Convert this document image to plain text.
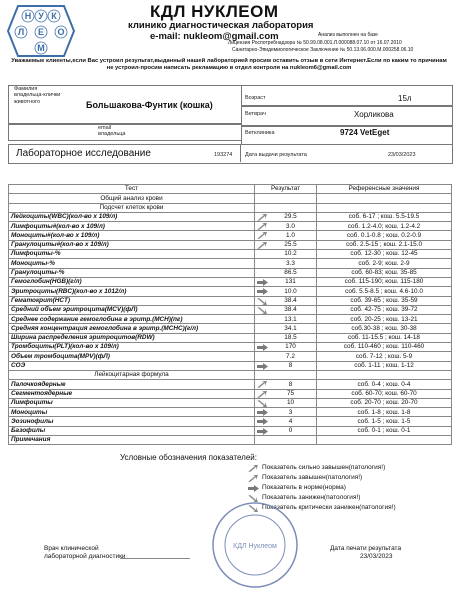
Н У К
Л Е О
М
КДЛ НУКЛЕОМ
клинико диагностическая лаборатория
e-mail: nukleom@gmail.com	Анализ выполнен на базе
Лицензия Роспотребнадзора № 50.99.08.001.Л.000088.07.10 от 16.07.2010
Санитарно-Эпидемиологическое Заключение № 50.13.06.000.М.000258.06.10
Уважаемые клиенты,если Вас устроил результат,выданный нашей лабораторией просим оставить отзыв в сети Интернет.Если по каким то причинам не устроил-просим написать рекламацию в отдел контроля на nukleom6@gmail.com
Фамилия владельца-клички животного	Большакова-Фунтик (кошка)
email владельца
Возраст	15л
Ветврач	Хорликова
Ветклиника	9724 VetEget
Лабораторное исследование	193274 Дата выдачи результата	23/03/2023
Тест	Результат	Референсные значения
Общий анализ крови		
Подсчет клеток крови		
Лейкоциты(WBC)(кол-во х 109/л)	29.5	соб. 6-17 ; кош. 5.5-19.5
Лимфоциты#(кол-во х 109/л)	3.0	соб. 1.2-4.0; кош. 1.2-4.2
Моноциты#(кол-во х 109/л)	1.0	соб. 0.1-0.8 ; кош. 0.2-0.9
Гранулоциты#(кол-во х 109/л)	25.5	соб. 2.5-15 ; кош. 2.1-15.0
Лимфоциты-%	10.2	соб. 12-30 ; кош. 12-45
Моноциты-%	3.3	соб. 2-9; кош. 2-9
Гранулоциты-%	86.5	соб. 60-83; кош. 35-85
Гемоглобин(HGB)(г/л)	131	соб. 115-190; кош. 115-180
Эритроциты(RBC)(кол-во х 1012/л)	10.0	соб. 5.5-8.5 ; кош. 4.6-10.0
Гематокрит(HCT)	38.4	соб. 39-65 ; кош. 35-59
Средний объем эритроцита(MCV)(фЛ)	38.4	соб. 42-75 ; кош. 39-72
Среднее содержание гемоглобина в эритр.(MCH)(пг)	13.1	соб. 20-25 ; кош. 13-21
Средняя концентрация гемоглобина в эритр.(MCHC)(г/л)	34.1	соб.30-38 ; кош. 30-38
Ширина распределения эритроцитов(RDW)	18.5	соб. 11-15.5 ; кош. 14-18
Тромбоциты(PLT)(кол-во х 109/л)	170	соб. 110-460 ; кош. 110-460
Объем тромбоцита(MPV)(фЛ)	7.2	соб. 7-12 ; кош. 5-9
СОЭ	8	соб. 1-11 ; кош. 1-12
Лейкоцитарная формула		
Палочкоядерные	8	соб. 0-4 ; кош. 0-4
Сегментоядерные	75	соб. 60-70; кош. 60-70
Лимфоциты	10	соб. 20-70 ; кош. 20-70
Моноциты	3	соб. 1-8 ; кош. 1-8
Эозинофилы	4	соб. 1-5 ; кош. 1-5
Базофилы	0	соб. 0-1 ; кош. 0-1
Примечания		
Условные обозначения показателей:
Показатель сильно завышен(патология!)
Показатель завышен(патология!)
Показатель в норме(норма)
Показатель занижен(патология!)
Показатель критически занижен(патология!)
КДЛ Нуклеом
Врач клинической
лабораторной диагностики
Дата печати результата
23/03/2023
